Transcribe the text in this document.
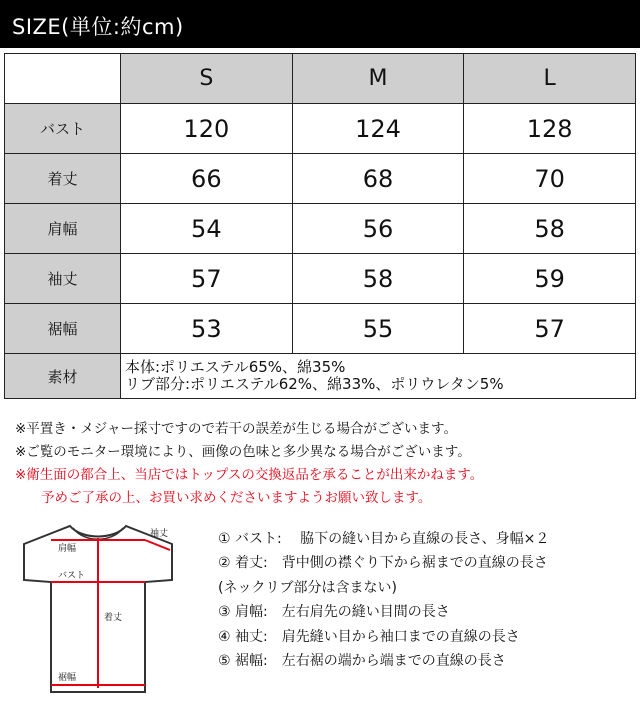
SIZE(単位:約cm)
	S	M	L
バスト	120	124	128
着丈	66	68	70
肩幅	54	56	58
袖丈	57	58	59
裾幅	53	55	57
素材	本体:ポリエステル65%、綿35%
リブ部分:ポリエステル62%、綿33%、ポリウレタン5%		
※平置き・メジャー採寸ですので若干の誤差が生じる場合がございます。
※ご覧のモニター環境により、画像の色味と多少異なる場合がございます。
※衛生面の都合上、当店ではトップスの交換返品を承ることが出来かねます。
予めご了承の上、お買い求めくださいますようお願い致します。
袖丈
肩幅
バスト
着丈
裾幅
① バスト:　 脇下の縫い目から直線の長さ、身幅×２
② 着丈:　背中側の襟ぐり下から裾までの直線の長さ
(ネックリブ部分は含まない)
③ 肩幅:　左右肩先の縫い目間の長さ
④ 袖丈:　肩先縫い目から袖口までの直線の長さ
⑤ 裾幅:　左右裾の端から端までの直線の長さ
